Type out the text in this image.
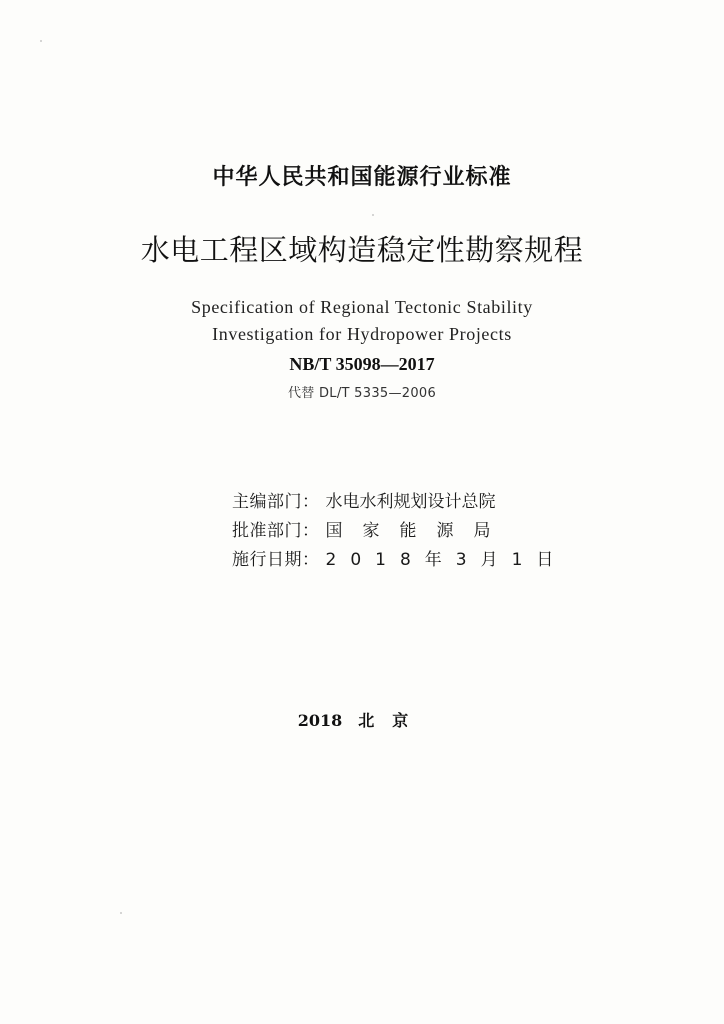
中华人民共和国能源行业标准
水电工程区域构造稳定性勘察规程
Specification of Regional Tectonic Stability
Investigation for Hydropower Projects
NB/T 35098—2017
代替 DL/T 5335—2006
主编部门： 水电水利规划设计总院
批准部门： 国家能源局
施行日期： 2018年3月1日
2018 北京
